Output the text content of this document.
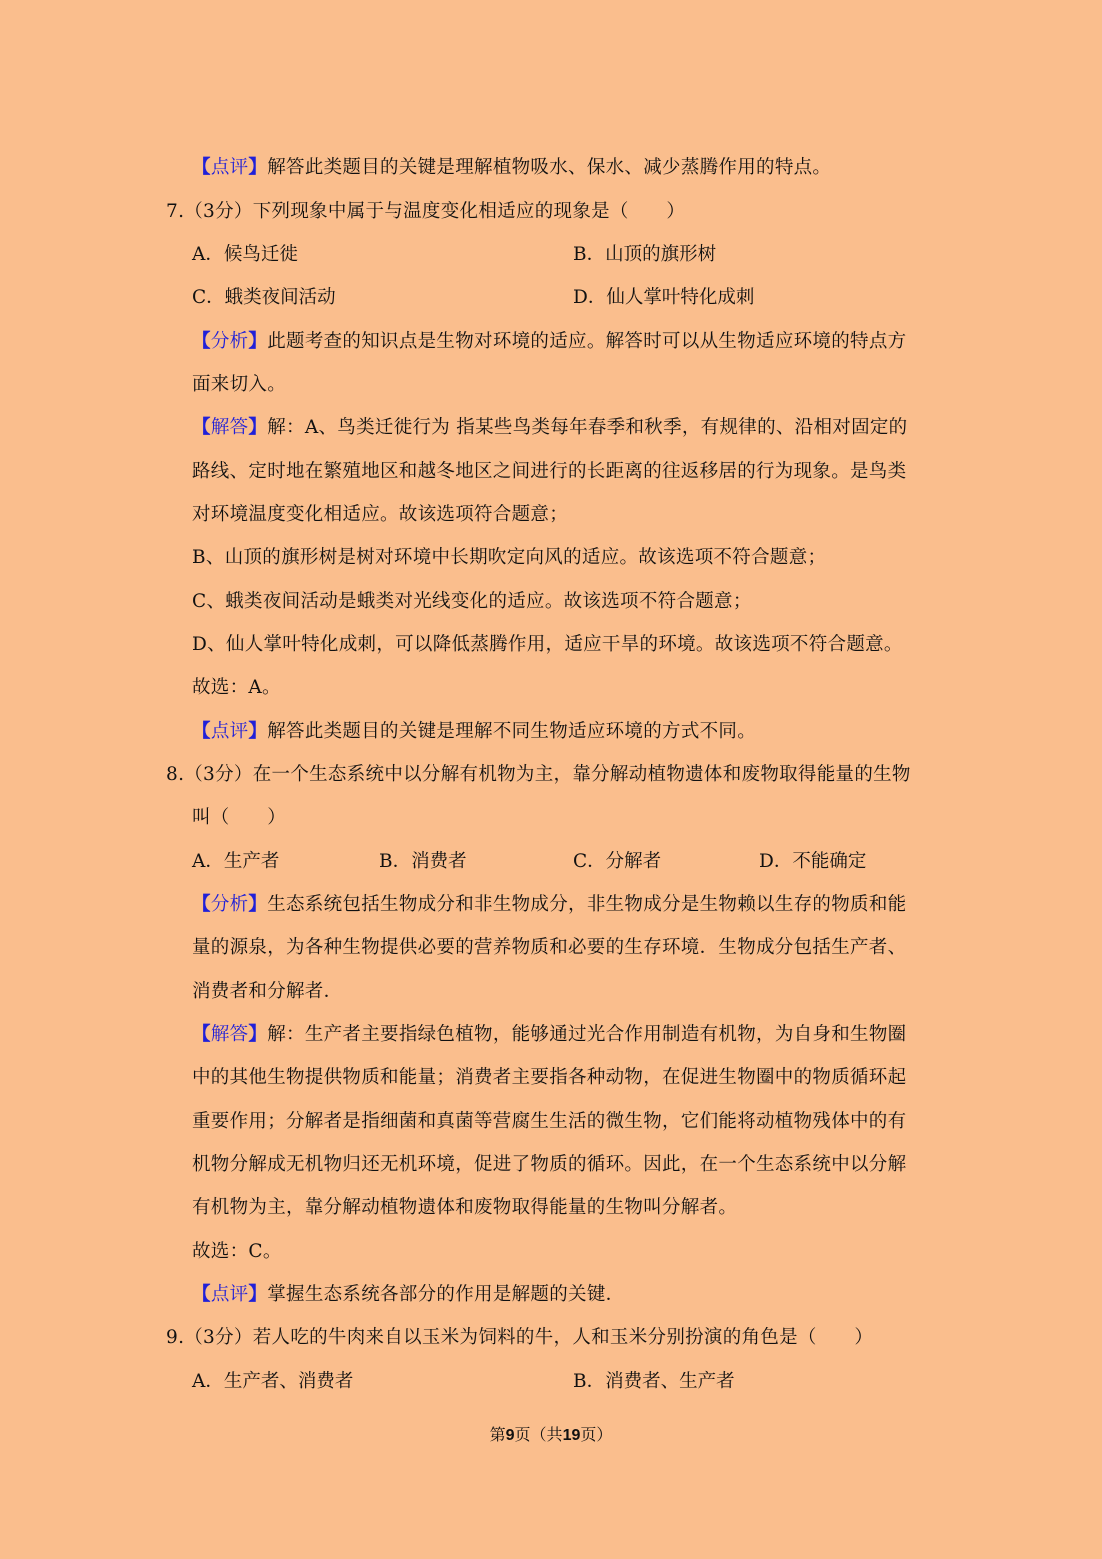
【点评】解答此类题目的关键是理解植物吸水、保水、减少蒸腾作用的特点。
7.（3分）下列现象中属于与温度变化相适应的现象是（　　）
A．候鸟迁徙	B．山顶的旗形树
C．蛾类夜间活动	D．仙人掌叶特化成刺
【分析】此题考查的知识点是生物对环境的适应。解答时可以从生物适应环境的特点方
面来切入。
【解答】解：A、鸟类迁徙行为 指某些鸟类每年春季和秋季，有规律的、沿相对固定的
路线、定时地在繁殖地区和越冬地区之间进行的长距离的往返移居的行为现象。是鸟类
对环境温度变化相适应。故该选项符合题意；
B、山顶的旗形树是树对环境中长期吹定向风的适应。故该选项不符合题意；
C、蛾类夜间活动是蛾类对光线变化的适应。故该选项不符合题意；
D、仙人掌叶特化成刺，可以降低蒸腾作用，适应干旱的环境。故该选项不符合题意。
故选：A。
【点评】解答此类题目的关键是理解不同生物适应环境的方式不同。
8.（3分）在一个生态系统中以分解有机物为主，靠分解动植物遗体和废物取得能量的生物
叫（　　）
A．生产者	B．消费者	C．分解者	D．不能确定
【分析】生态系统包括生物成分和非生物成分，非生物成分是生物赖以生存的物质和能
量的源泉，为各种生物提供必要的营养物质和必要的生存环境．生物成分包括生产者、
消费者和分解者．
【解答】解：生产者主要指绿色植物，能够通过光合作用制造有机物，为自身和生物圈
中的其他生物提供物质和能量；消费者主要指各种动物，在促进生物圈中的物质循环起
重要作用；分解者是指细菌和真菌等营腐生生活的微生物，它们能将动植物残体中的有
机物分解成无机物归还无机环境，促进了物质的循环。因此，在一个生态系统中以分解
有机物为主，靠分解动植物遗体和废物取得能量的生物叫分解者。
故选：C。
【点评】掌握生态系统各部分的作用是解题的关键．
9.（3分）若人吃的牛肉来自以玉米为饲料的牛，人和玉米分别扮演的角色是（　　）
A．生产者、消费者	B．消费者、生产者
第9页（共19页）
